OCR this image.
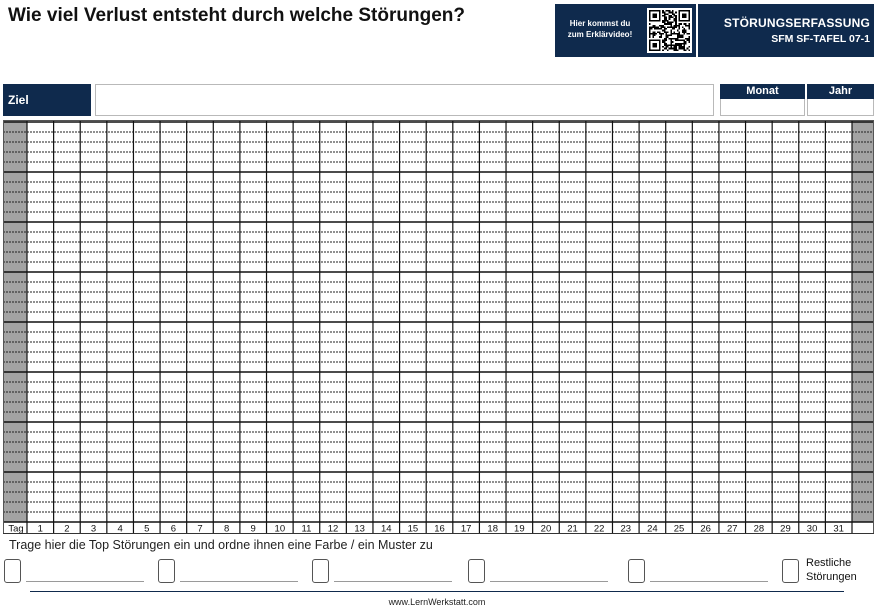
Wie viel Verlust entsteht durch welche Störungen?	Hier kommst du zum Erklärvideo!
STÖRUNGSERFASSUNG
SFM SF-TAFEL 07-1
Ziel
Monat	Jahr
Tag 1 2 3 4 5 6 7 8 9 10 11 12 13 14 15 16 17 18 19 20 21 22 23 24 25 26 27 28 29 30 31
Trage hier die Top Störungen ein und ordne ihnen eine Farbe / ein Muster zu
Restliche Störungen
www.LernWerkstatt.com
